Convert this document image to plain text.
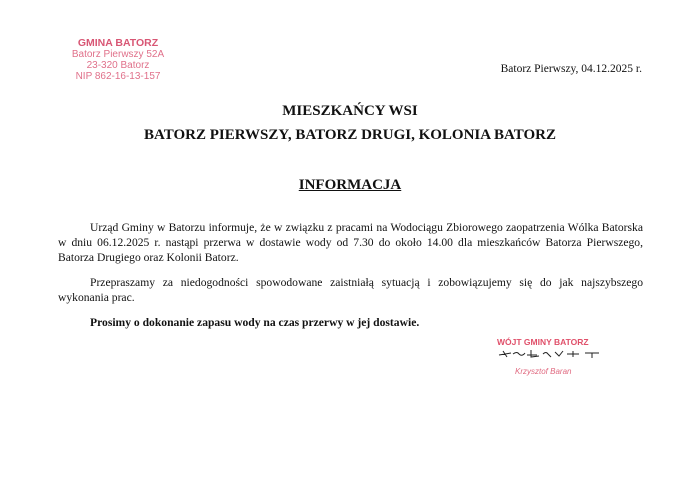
GMINA BATORZ
Batorz Pierwszy 52A
23-320 Batorz
NIP 862-16-13-157
Batorz Pierwszy, 04.12.2025 r.
MIESZKAŃCY WSI
BATORZ PIERWSZY, BATORZ DRUGI, KOLONIA BATORZ
INFORMACJA

Urząd Gminy w Batorzu informuje, że w związku z pracami na Wodociągu Zbiorowego zaopatrzenia Wólka Batorska w dniu 06.12.2025 r. nastąpi przerwa w dostawie wody od 7.30 do około 14.00 dla mieszkańców Batorza Pierwszego, Batorza Drugiego oraz Kolonii Batorz.

Przepraszamy za niedogodności spowodowane zaistniałą sytuacją i zobowiązujemy się do jak najszybszego wykonania prac.

Prosimy o dokonanie zapasu wody na czas przerwy w jej dostawie.

WÓJT GMINY BATORZ
Krzysztof Baran
